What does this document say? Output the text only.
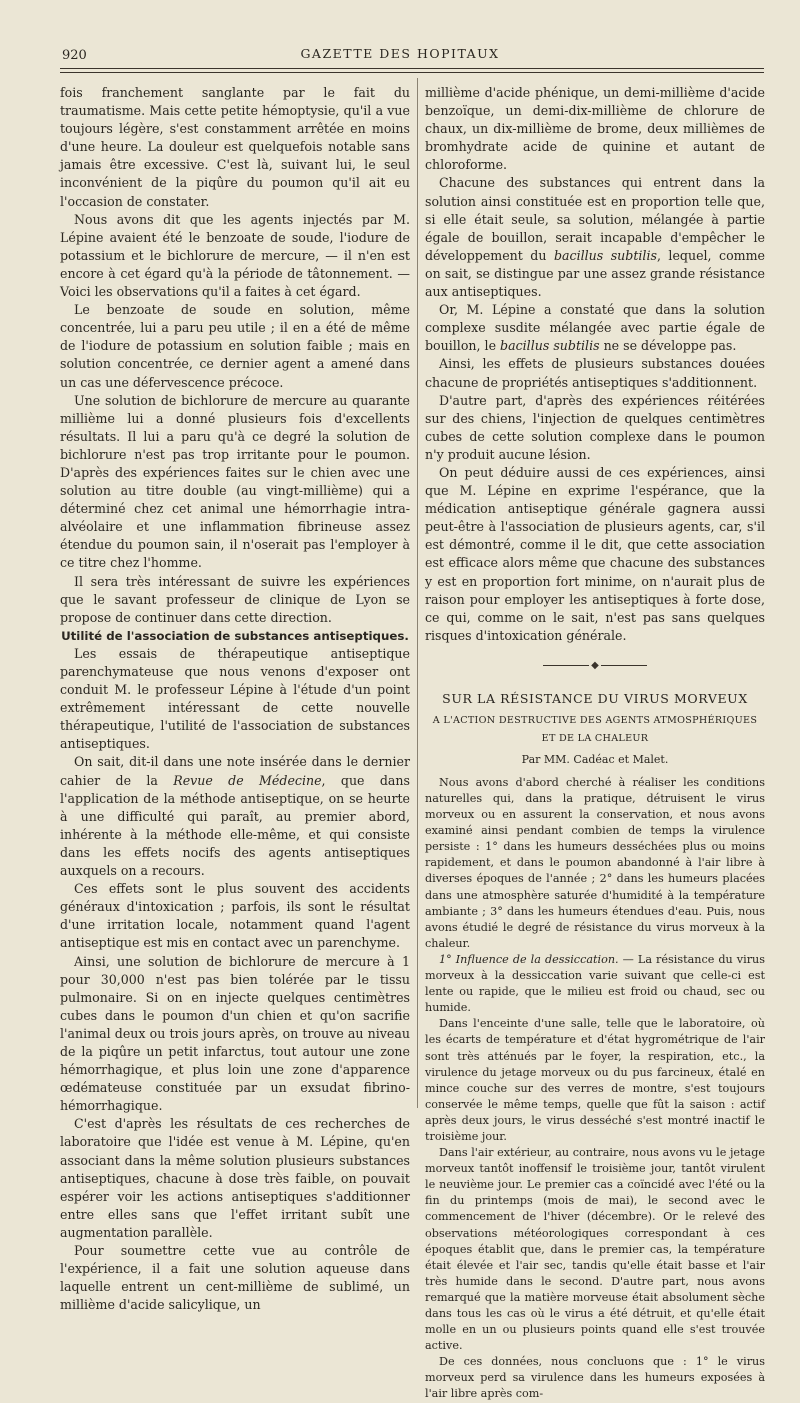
920	GAZETTE DES HOPITAUX

fois franchement sanglante par le fait du traumatisme. Mais cette petite hémoptysie, qu'il a vue toujours légère, s'est constamment arrêtée en moins d'une heure. La douleur est quelquefois notable sans jamais être excessive. C'est là, suivant lui, le seul inconvénient de la piqûre du poumon qu'il ait eu l'occasion de constater.

Nous avons dit que les agents injectés par M. Lépine avaient été le benzoate de soude, l'iodure de potassium et le bichlorure de mercure, — il n'en est encore à cet égard qu'à la période de tâtonnement. — Voici les observations qu'il a faites à cet égard.

Le benzoate de soude en solution, même concentrée, lui a paru peu utile ; il en a été de même de l'iodure de potassium en solution faible ; mais en solution concentrée, ce dernier agent a amené dans un cas une défervescence précoce.

Une solution de bichlorure de mercure au quarante millième lui a donné plusieurs fois d'excellents résultats. Il lui a paru qu'à ce degré la solution de bichlorure n'est pas trop irritante pour le poumon. D'après des expériences faites sur le chien avec une solution au titre double (au vingt-millième) qui a déterminé chez cet animal une hémorrhagie intra-alvéolaire et une inflammation fibrineuse assez étendue du poumon sain, il n'oserait pas l'employer à ce titre chez l'homme.

Il sera très intéressant de suivre les expériences que le savant professeur de clinique de Lyon se propose de continuer dans cette direction.

Utilité de l'association de substances antiseptiques.

Les essais de thérapeutique antiseptique parenchymateuse que nous venons d'exposer ont conduit M. le professeur Lépine à l'étude d'un point extrêmement intéressant de cette nouvelle thérapeutique, l'utilité de l'association de substances antiseptiques.

On sait, dit-il dans une note insérée dans le dernier cahier de la Revue de Médecine, que dans l'application de la méthode antiseptique, on se heurte à une difficulté qui paraît, au premier abord, inhérente à la méthode elle-même, et qui consiste dans les effets nocifs des agents antiseptiques auxquels on a recours.

Ces effets sont le plus souvent des accidents généraux d'intoxication ; parfois, ils sont le résultat d'une irritation locale, notamment quand l'agent antiseptique est mis en contact avec un parenchyme.

Ainsi, une solution de bichlorure de mercure à 1 pour 30,000 n'est pas bien tolérée par le tissu pulmonaire. Si on en injecte quelques centimètres cubes dans le poumon d'un chien et qu'on sacrifie l'animal deux ou trois jours après, on trouve au niveau de la piqûre un petit infarctus, tout autour une zone hémorrhagique, et plus loin une zone d'apparence œdémateuse constituée par un exsudat fibrino-hémorrhagique.

C'est d'après les résultats de ces recherches de laboratoire que l'idée est venue à M. Lépine, qu'en associant dans la même solution plusieurs substances antiseptiques, chacune à dose très faible, on pouvait espérer voir les actions antiseptiques s'additionner entre elles sans que l'effet irritant subît une augmentation parallèle.

Pour soumettre cette vue au contrôle de l'expérience, il a fait une solution aqueuse dans laquelle entrent un cent-millième de sublimé, un millième d'acide salicylique, un

millième d'acide phénique, un demi-millième d'acide benzoïque, un demi-dix-millième de chlorure de chaux, un dix-millième de brome, deux millièmes de bromhydrate acide de quinine et autant de chloroforme.

Chacune des substances qui entrent dans la solution ainsi constituée est en proportion telle que, si elle était seule, sa solution, mélangée à partie égale de bouillon, serait incapable d'empêcher le développement du bacillus subtilis, lequel, comme on sait, se distingue par une assez grande résistance aux antiseptiques.

Or, M. Lépine a constaté que dans la solution complexe susdite mélangée avec partie égale de bouillon, le bacillus subtilis ne se développe pas.

Ainsi, les effets de plusieurs substances douées chacune de propriétés antiseptiques s'additionnent.

D'autre part, d'après des expériences réitérées sur des chiens, l'injection de quelques centimètres cubes de cette solution complexe dans le poumon n'y produit aucune lésion.

On peut déduire aussi de ces expériences, ainsi que M. Lépine en exprime l'espérance, que la médication antiseptique générale gagnera aussi peut-être à l'association de plusieurs agents, car, s'il est démontré, comme il le dit, que cette association est efficace alors même que chacune des substances y est en proportion fort minime, on n'aurait plus de raison pour employer les antiseptiques à forte dose, ce qui, comme on le sait, n'est pas sans quelques risques d'intoxication générale.

◆
SUR LA RÉSISTANCE DU VIRUS MORVEUX
A L'ACTION DESTRUCTIVE DES AGENTS ATMOSPHÉRIQUES ET DE LA CHALEUR
Par MM. Cadéac et Malet.

Nous avons d'abord cherché à réaliser les conditions naturelles qui, dans la pratique, détruisent le virus morveux ou en assurent la conservation, et nous avons examiné ainsi pendant combien de temps la virulence persiste : 1° dans les humeurs desséchées plus ou moins rapidement, et dans le poumon abandonné à l'air libre à diverses époques de l'année ; 2° dans les humeurs placées dans une atmosphère saturée d'humidité à la température ambiante ; 3° dans les humeurs étendues d'eau. Puis, nous avons étudié le degré de résistance du virus morveux à la chaleur.

1° Influence de la dessiccation. — La résistance du virus morveux à la dessiccation varie suivant que celle-ci est lente ou rapide, que le milieu est froid ou chaud, sec ou humide.

Dans l'enceinte d'une salle, telle que le laboratoire, où les écarts de température et d'état hygrométrique de l'air sont très atténués par le foyer, la respiration, etc., la virulence du jetage morveux ou du pus farcineux, étalé en mince couche sur des verres de montre, s'est toujours conservée le même temps, quelle que fût la saison : actif après deux jours, le virus desséché s'est montré inactif le troisième jour.

Dans l'air extérieur, au contraire, nous avons vu le jetage morveux tantôt inoffensif le troisième jour, tantôt virulent le neuvième jour. Le premier cas a coïncidé avec l'été ou la fin du printemps (mois de mai), le second avec le commencement de l'hiver (décembre). Or le relevé des observations météorologiques correspondant à ces époques établit que, dans le premier cas, la température était élevée et l'air sec, tandis qu'elle était basse et l'air très humide dans le second. D'autre part, nous avons remarqué que la matière morveuse était absolument sèche dans tous les cas où le virus a été détruit, et qu'elle était molle en un ou plusieurs points quand elle s'est trouvée active.

De ces données, nous concluons que : 1° le virus morveux perd sa virulence dans les humeurs exposées à l'air libre après com-
